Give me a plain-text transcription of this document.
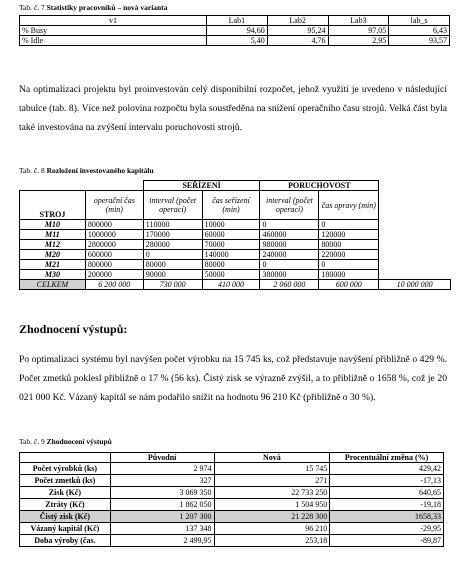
Tab. č. 7 Statistiky pracovníků – nová varianta
v1	Lab1	Lab2	Lab3	lab_s
% Busy	94,60	95,24	97,05	6,43
% Idle	5,40	4,76	2,95	93,57
Na optimalizaci projektu byl proinvestován celý disponibilní rozpočet, jehož využití je uvedeno v následující tabulce (tab. 8). Více než polovina rozpočtu byla soustředěna na snížení operačního času strojů. Velká část byla také investována na zvýšení intervalu poruchovosti strojů.
Tab. č. 8 Rozložení investovaného kapitálu
		SEŘÍZENÍ		PORUCHOVOST		
STROJ	operační čas (min)	interval (počet operací)	čas seřízení (min)	interval (počet operací)	čas opravy (min)	
M10	800000	110000	10000	0	0	
M11	1000000	170000	60000	460000	120000	
M12	2800000	280000	70000	980000	80000	
M20	600000	0	140000	240000	220000	
M21	800000	80000	80000	0	0	
M30	200000	90000	50000	380000	180000	
CELKEM	6 200 000	730 000	410 000	2 060 000	600 000	10 000 000
Zhodnocení výstupů:
Po optimalizaci systému byl navýšen počet výrobku na 15 745 ks, což představuje navýšení přibližně o 429 %. Počet zmetků poklesl přibližně o 17 % (56 ks). Čistý zisk se výrazně zvýšil, a to přibližně o 1658 %, což je 20 021 000 Kč. Vázaný kapitál se nám podařilo snížit na hodnotu 96 210 Kč (přibližně o 30 %).
Tab. č. 9 Zhodnocení výstupů
	Původní	Nová	Procentuální změna (%)
Počet výrobků (ks)	2 974	15 745	429,42
Počet zmetků (ks)	327	271	-17,13
Zisk (Kč)	3 069 350	22 733 250	640,65
Ztráty (Kč)	1 862 050	1 504 950	-19,18
Čistý zisk (Kč)	1 207 300	21 228 300	1658,33
Vázaný kapitál (Kč)	137 348	96 210	-29,95
Doba výroby (čas.	2 499,95	253,18	-89,87
